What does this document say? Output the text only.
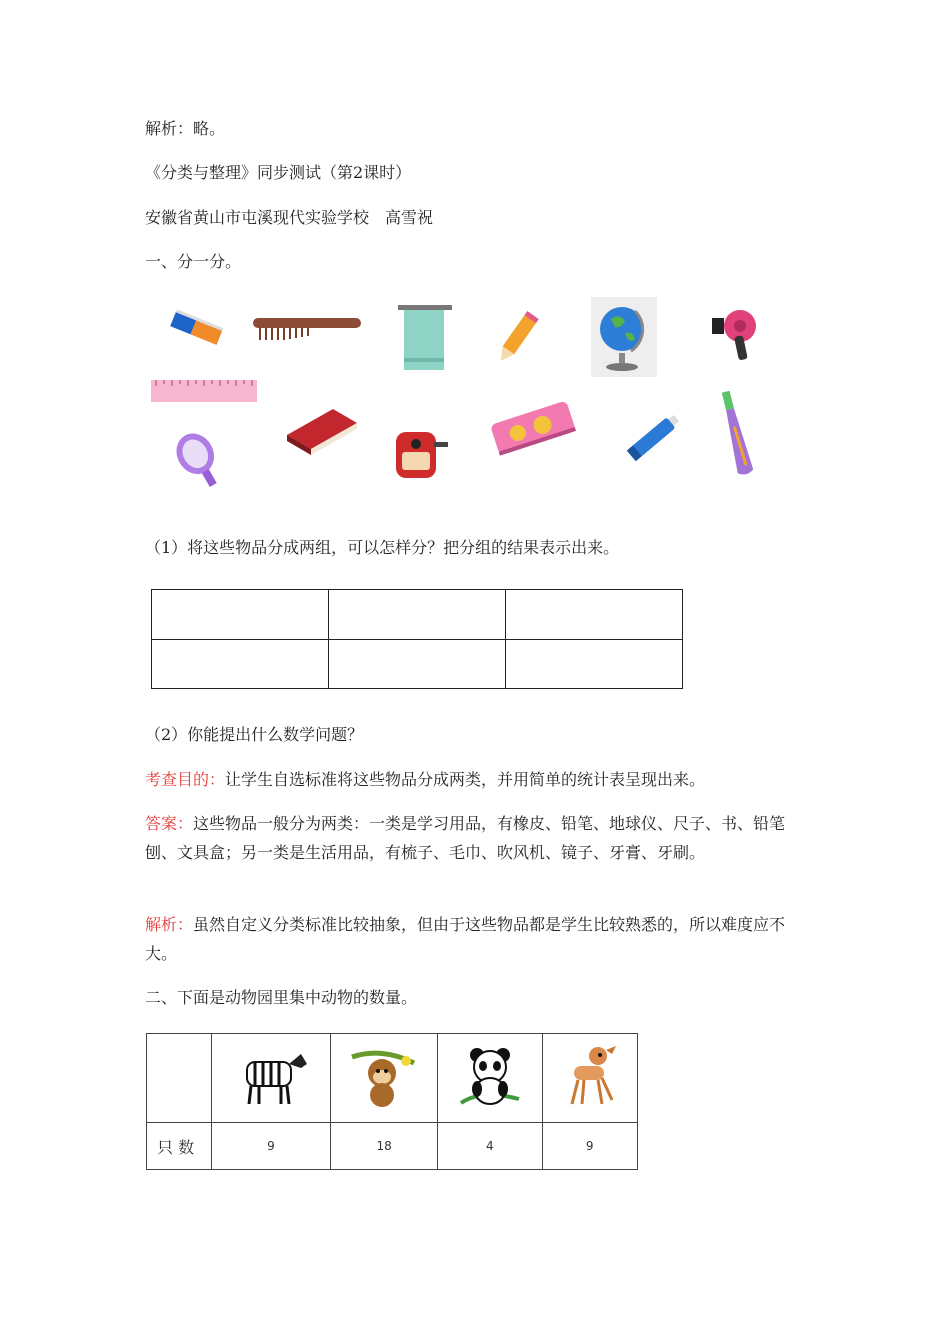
解析：略。
《分类与整理》同步测试（第2课时）
安徽省黄山市屯溪现代实验学校　高雪祝
一、分一分。
（1）将这些物品分成两组，可以怎样分？把分组的结果表示出来。

（2）你能提出什么数学问题？
考查目的：让学生自选标准将这些物品分成两类，并用简单的统计表呈现出来。
答案：这些物品一般分为两类：一类是学习用品，有橡皮、铅笔、地球仪、尺子、书、铅笔刨、文具盒；另一类是生活用品，有梳子、毛巾、吹风机、镜子、牙膏、牙刷。
解析：虽然自定义分类标准比较抽象，但由于这些物品都是学生比较熟悉的，所以难度应不大。
二、下面是动物园里集中动物的数量。

只 数	9	18	4	9
